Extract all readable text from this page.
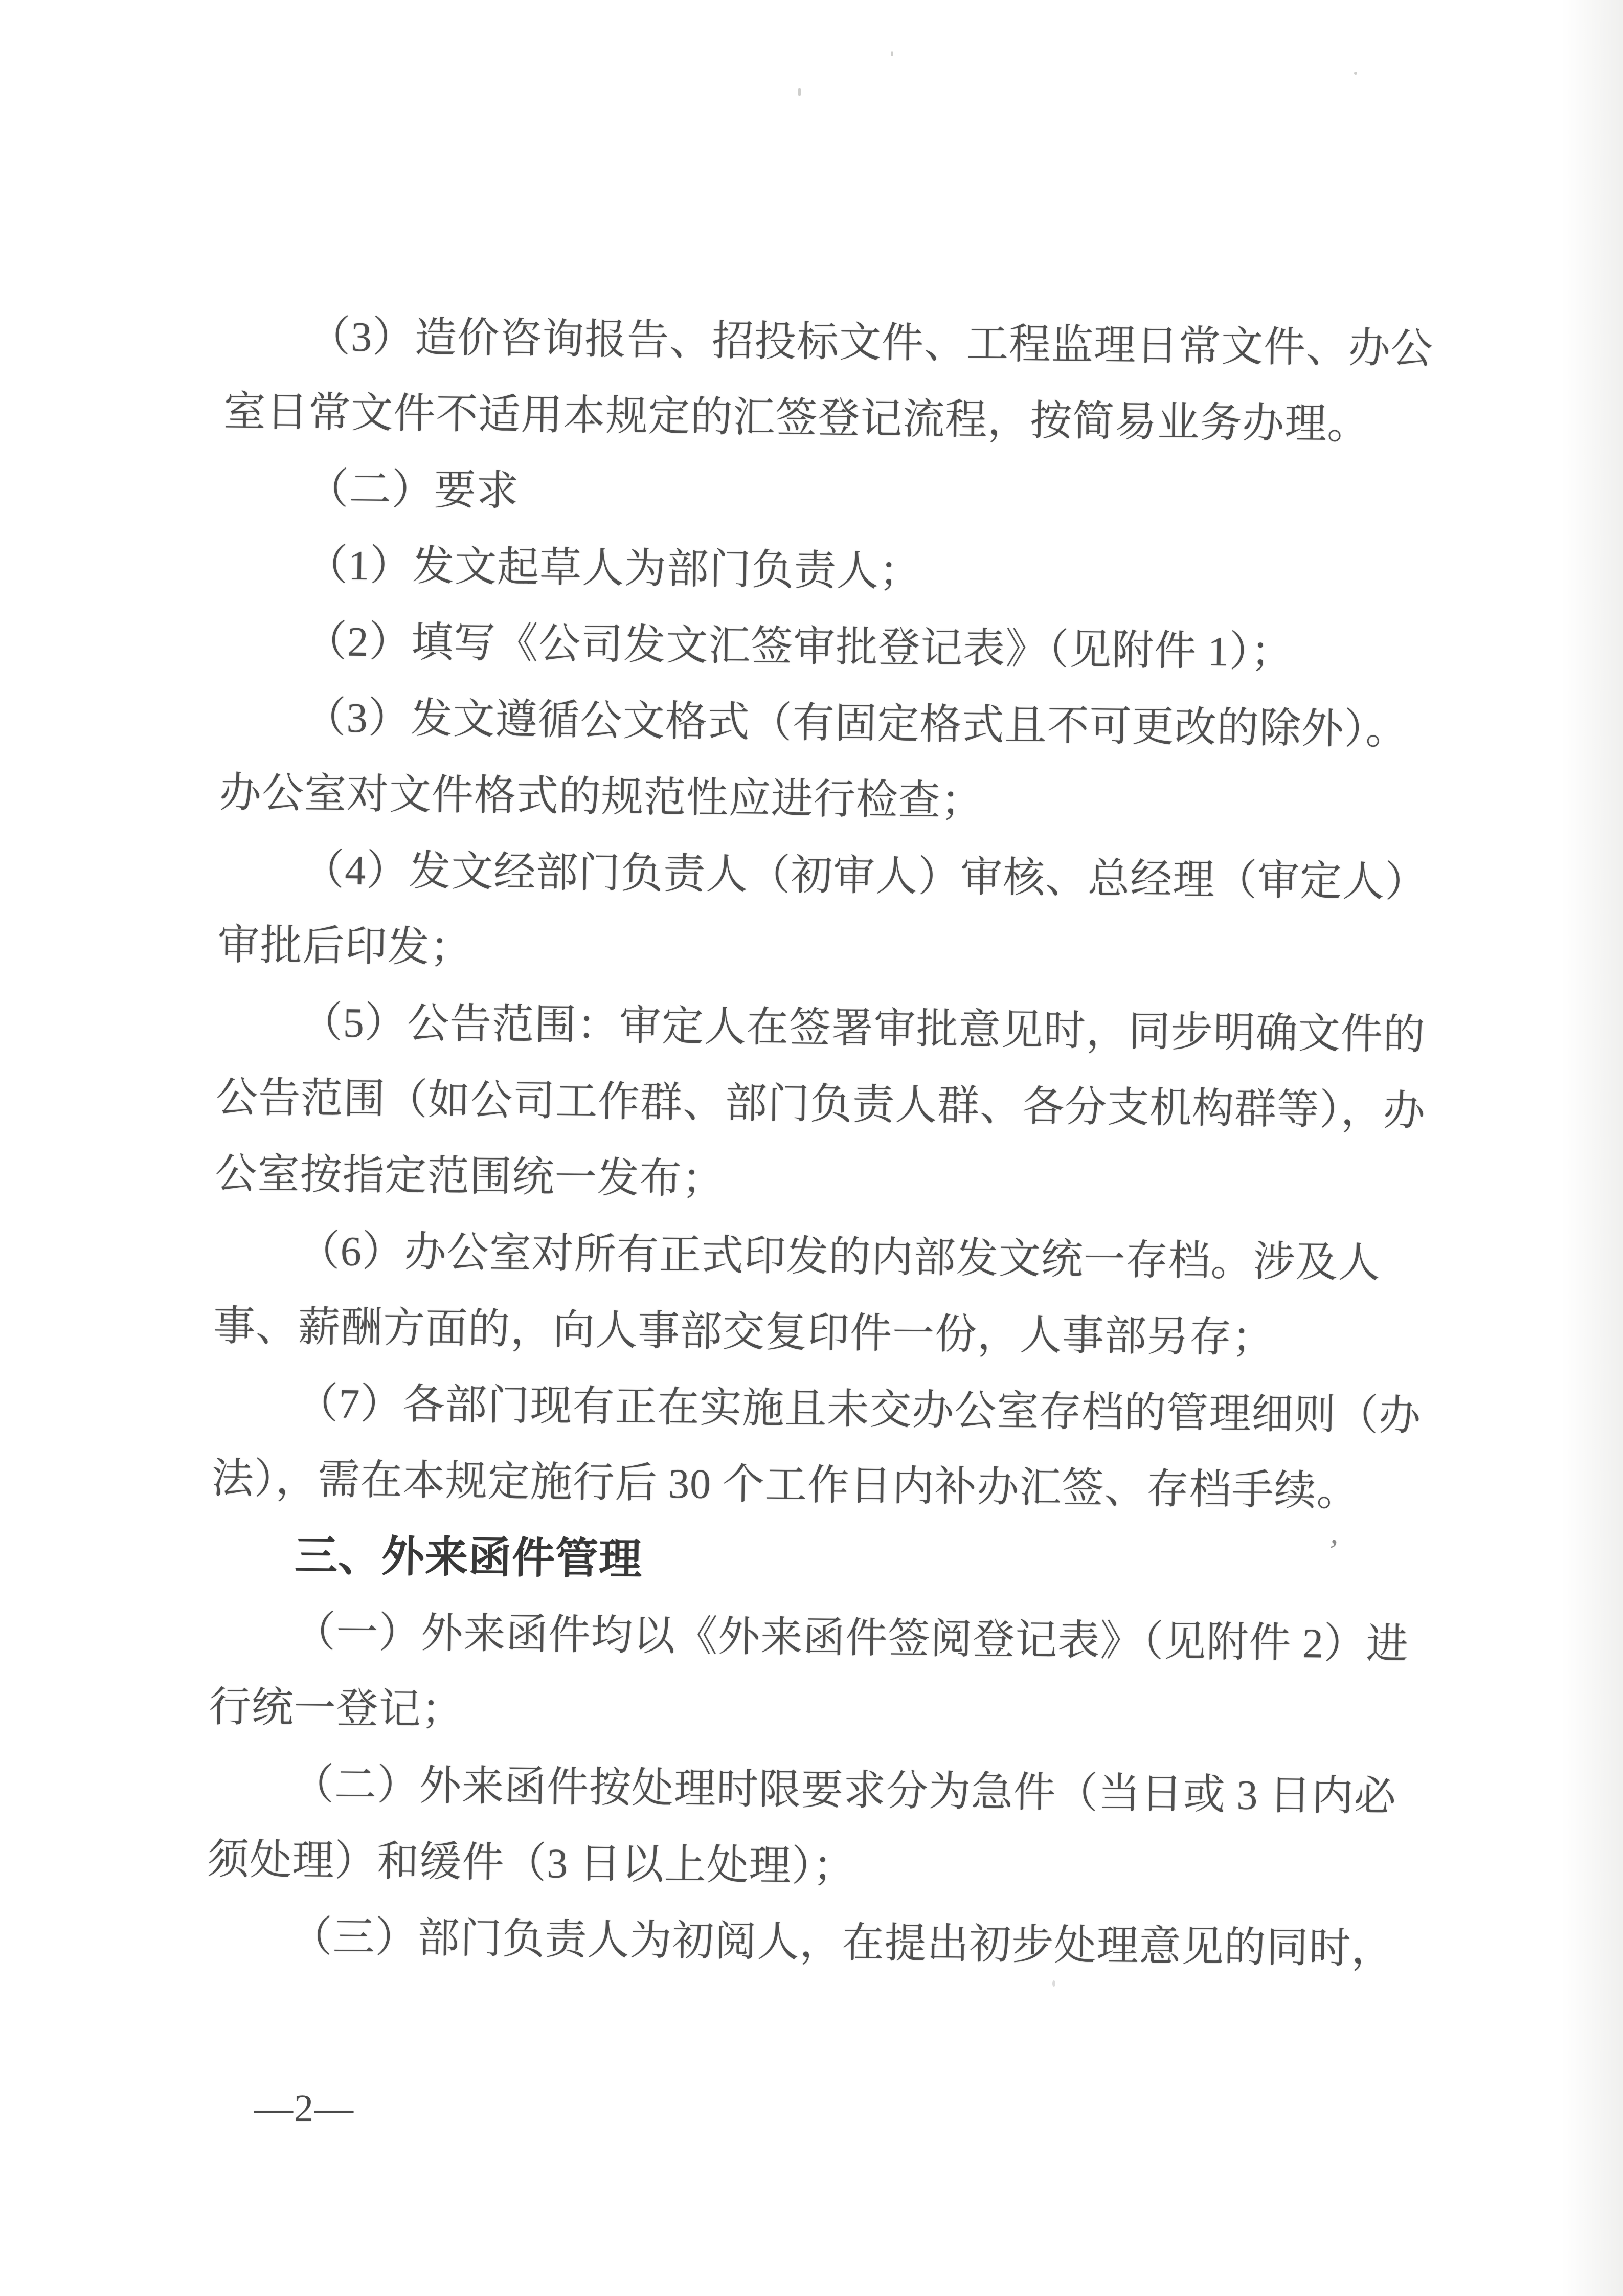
（3）造价咨询报告、招投标文件、工程监理日常文件、办公
室日常文件不适用本规定的汇签登记流程，按简易业务办理。
（二）要求
（1）发文起草人为部门负责人；
（2）填写《公司发文汇签审批登记表》（见附件 1）；
（3）发文遵循公文格式（有固定格式且不可更改的除外）。
办公室对文件格式的规范性应进行检查；
（4）发文经部门负责人（初审人）审核、总经理（审定人）
审批后印发；
（5）公告范围：审定人在签署审批意见时，同步明确文件的
公告范围（如公司工作群、部门负责人群、各分支机构群等），办
公室按指定范围统一发布；
（6）办公室对所有正式印发的内部发文统一存档。涉及人
事、薪酬方面的，向人事部交复印件一份，人事部另存；
（7）各部门现有正在实施且未交办公室存档的管理细则（办
法），需在本规定施行后 30 个工作日内补办汇签、存档手续。
三、外来函件管理
（一）外来函件均以《外来函件签阅登记表》（见附件 2）进
行统一登记；
（二）外来函件按处理时限要求分为急件（当日或 3 日内必
须处理）和缓件（3 日以上处理）；
（三）部门负责人为初阅人，在提出初步处理意见的同时，
’
—2—
